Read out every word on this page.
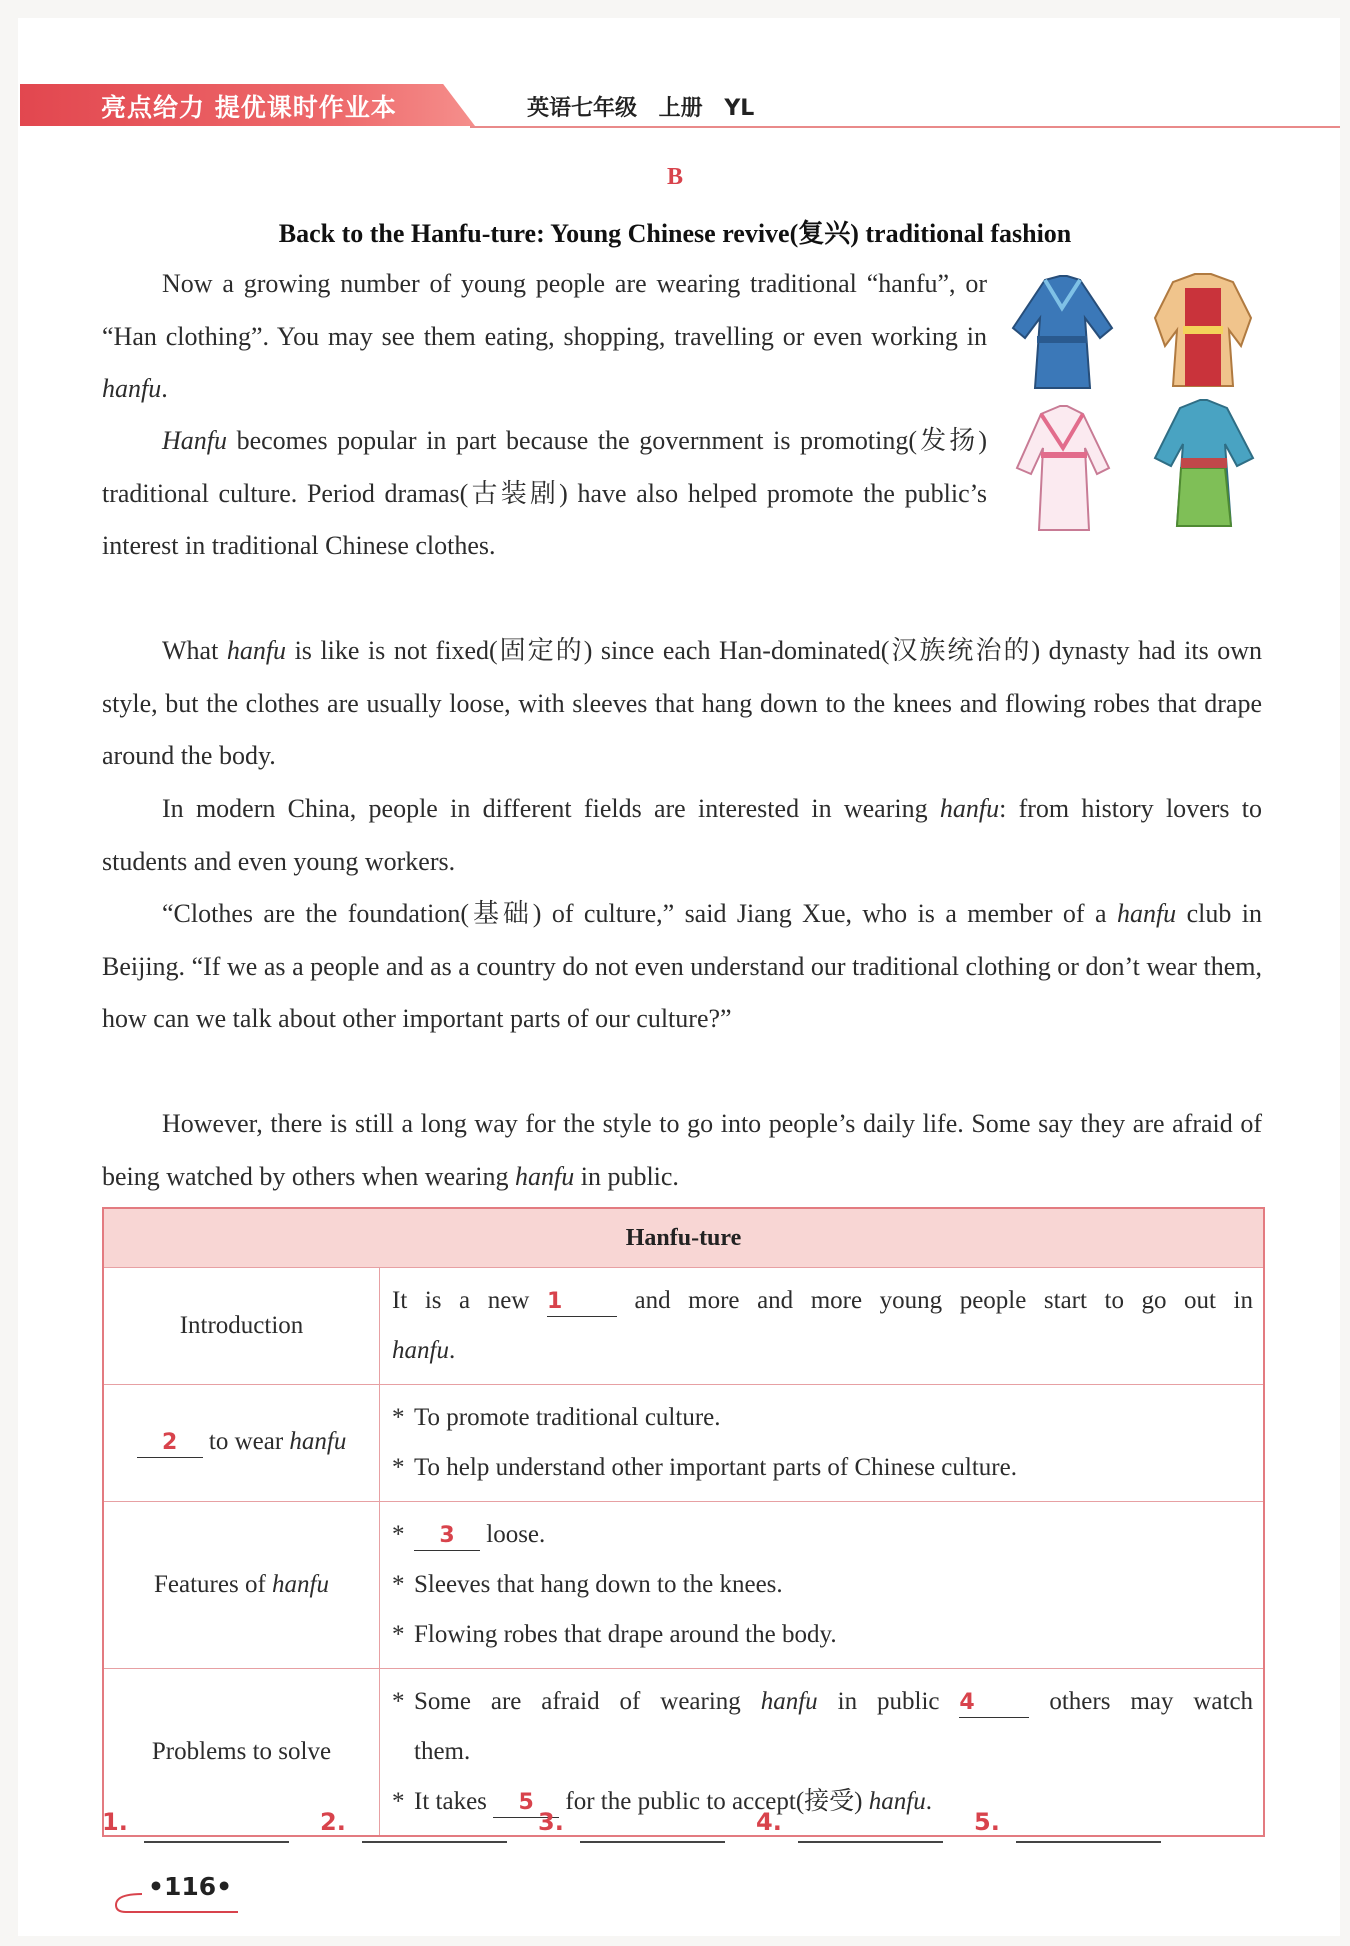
亮点给力 提优课时作业本	英语七年级 上册 YL
B
Back to the Hanfu-ture: Young Chinese revive(复兴) traditional fashion

Now a growing number of young people are wearing traditional “hanfu”, or “Han clothing”. You may see them eating, shopping, travelling or even working in hanfu.

Hanfu becomes popular in part because the government is promoting(发扬) traditional culture. Period dramas(古装剧) have also helped promote the public’s interest in traditional Chinese clothes.

What hanfu is like is not fixed(固定的) since each Han-dominated(汉族统治的) dynasty had its own style, but the clothes are usually loose, with sleeves that hang down to the knees and flowing robes that drape around the body.

In modern China, people in different fields are interested in wearing hanfu: from history lovers to students and even young workers.

“Clothes are the foundation(基础) of culture,” said Jiang Xue, who is a member of a hanfu club in Beijing. “If we as a people and as a country do not even understand our traditional clothing or don’t wear them, how can we talk about other important parts of our culture?”

However, there is still a long way for the style to go into people’s daily life. Some say they are afraid of being watched by others when wearing hanfu in public.

Hanfu-ture	
Introduction	It is a new 1 and more and more young people start to go out in
hanfu.

2 to wear hanfu	* To promote traditional culture.
* To help understand other important parts of Chinese culture.

Features of hanfu	* 3 loose.
* Sleeves that hang down to the knees.
* Flowing robes that drape around the body.

Problems to solve	* Some are afraid of wearing hanfu in public 4 others may watch
them.
* It takes 5 for the public to accept(接受) hanfu.
1.	2.	3.	4.	5.
•116•
